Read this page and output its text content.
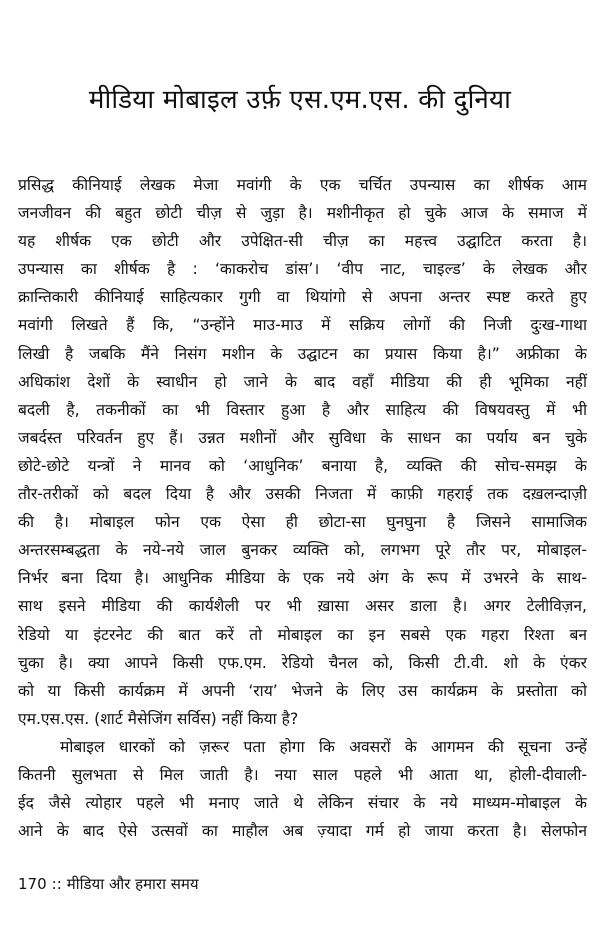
मीडिया मोबाइल उर्फ़ एस.एम.एस. की दुनिया
प्रसिद्ध कीनियाई लेखक मेजा मवांगी के एक चर्चित उपन्यास का शीर्षक आम
जनजीवन की बहुत छोटी चीज़ से जुड़ा है। मशीनीकृत हो चुके आज के समाज में
यह शीर्षक एक छोटी और उपेक्षित-सी चीज़ का महत्त्व उद्घाटित करता है।
उपन्यास का शीर्षक है : ‘काकरोच डांस’। ‘वीप नाट, चाइल्ड’ के लेखक और
क्रान्तिकारी कीनियाई साहित्यकार गुगी वा थियांगो से अपना अन्तर स्पष्ट करते हुए
मवांगी लिखते हैं कि, “उन्होंने माउ-माउ में सक्रिय लोगों की निजी दुःख-गाथा
लिखी है जबकि मैंने निसंग मशीन के उद्घाटन का प्रयास किया है।” अफ्रीका के
अधिकांश देशों के स्वाधीन हो जाने के बाद वहाँ मीडिया की ही भूमिका नहीं
बदली है, तकनीकों का भी विस्तार हुआ है और साहित्य की विषयवस्तु में भी
जबर्दस्त परिवर्तन हुए हैं। उन्नत मशीनों और सुविधा के साधन का पर्याय बन चुके
छोटे-छोटे यन्त्रों ने मानव को ‘आधुनिक’ बनाया है, व्यक्ति की सोच-समझ के
तौर-तरीकों को बदल दिया है और उसकी निजता में काफ़ी गहराई तक दख़लन्दाज़ी
की है। मोबाइल फोन एक ऐसा ही छोटा-सा घुनघुना है जिसने सामाजिक
अन्तरसम्बद्धता के नये-नये जाल बुनकर व्यक्ति को, लगभग पूरे तौर पर, मोबाइल-
निर्भर बना दिया है। आधुनिक मीडिया के एक नये अंग के रूप में उभरने के साथ-
साथ इसने मीडिया की कार्यशैली पर भी ख़ासा असर डाला है। अगर टेलीविज़न,
रेडियो या इंटरनेट की बात करें तो मोबाइल का इन सबसे एक गहरा रिश्ता बन
चुका है। क्या आपने किसी एफ.एम. रेडियो चैनल को, किसी टी.वी. शो के एंकर
को या किसी कार्यक्रम में अपनी ‘राय’ भेजने के लिए उस कार्यक्रम के प्रस्तोता को
एम.एस.एस. (शार्ट मैसेजिंग सर्विस) नहीं किया है?
मोबाइल धारकों को ज़रूर पता होगा कि अवसरों के आगमन की सूचना उन्हें
कितनी सुलभता से मिल जाती है। नया साल पहले भी आता था, होली-दीवाली-
ईद जैसे त्योहार पहले भी मनाए जाते थे लेकिन संचार के नये माध्यम-मोबाइल के
आने के बाद ऐसे उत्सवों का माहौल अब ज़्यादा गर्म हो जाया करता है। सेलफोन
170 :: मीडिया और हमारा समय
